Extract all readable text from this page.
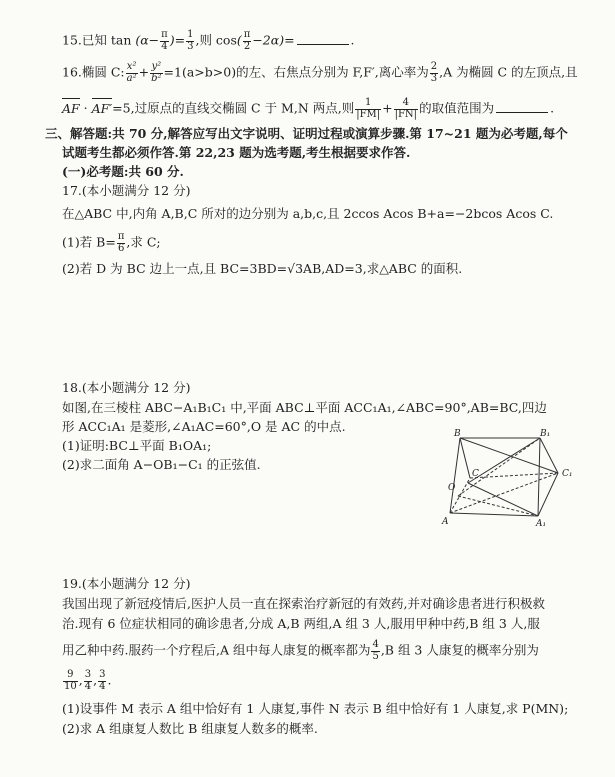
15.已知 $\tan (\alpha- \frac{\pi}{4}$ )= $\frac{1}{3}$ ,则 $\cos( \frac{\pi}{2} -2\alpha)=$	.
16.椭圆 C: $\frac{\text{x²}}{\text{a²}} + \frac{\text{y²}}{\text{b²}} =1(a>b>0)$的左、右焦点分别为 F,F′,离心率为 $\frac{2}{3} ,A$ 为椭圆 C 的左顶点,且
AF · AF′=5,过原点的直线交椭圆 C 于 M,N 两点,则 $\frac{1}{|FM|} + \frac{4}{|FN|}$ 的取值范围为	.
三、解答题:共 70 分,解答应写出文字说明、证明过程或演算步骤.第 17~21 题为必考题,每个
试题考生都必须作答.第 22,23 题为选考题,考生根据要求作答.
(一)必考题:共 60 分.
17.(本小题满分 12 分)
在△ABC 中,内角 A,B,C 所对的边分别为 a,b,c,且 2ccos Acos B+a=−2bcos Acos C.
(1)若 $B= \frac{\pi}{6}$ ,求 C;
(2)若 D 为 BC 边上一点,且 BC=3BD=√3AB,AD=3,求△ABC 的面积.
18.(本小题满分 12 分)
如图,在三棱柱 ABC−A₁B₁C₁ 中,平面 ABC⊥平面 ACC₁A₁,∠ABC=90°,AB=BC,四边
形 ACC₁A₁ 是菱形,∠A₁AC=60°,O 是 AC 的中点.
(1)证明:BC⊥平面 B₁OA₁;
(2)求二面角 A−OB₁−C₁ 的正弦值.
B	B₁
C₁
O
C
A	A₁
19.(本小题满分 12 分)
我国出现了新冠疫情后,医护人员一直在探索治疗新冠的有效药,并对确诊患者进行积极救
治.现有 6 位症状相同的确诊患者,分成 A,B 两组,A 组 3 人,服用甲种中药,B 组 3 人,服
用乙种中药.服药一个疗程后,A 组中每人康复的概率都为 $\frac{4}{5} ,B$ 组 3 人康复的概率分别为
$\frac{9}{10}$ , $\frac{3}{4}$ , $\frac{3}{4}$ .
(1)设事件 M 表示 A 组中恰好有 1 人康复,事件 N 表示 B 组中恰好有 1 人康复,求 P(MN);
(2)求 A 组康复人数比 B 组康复人数多的概率.
